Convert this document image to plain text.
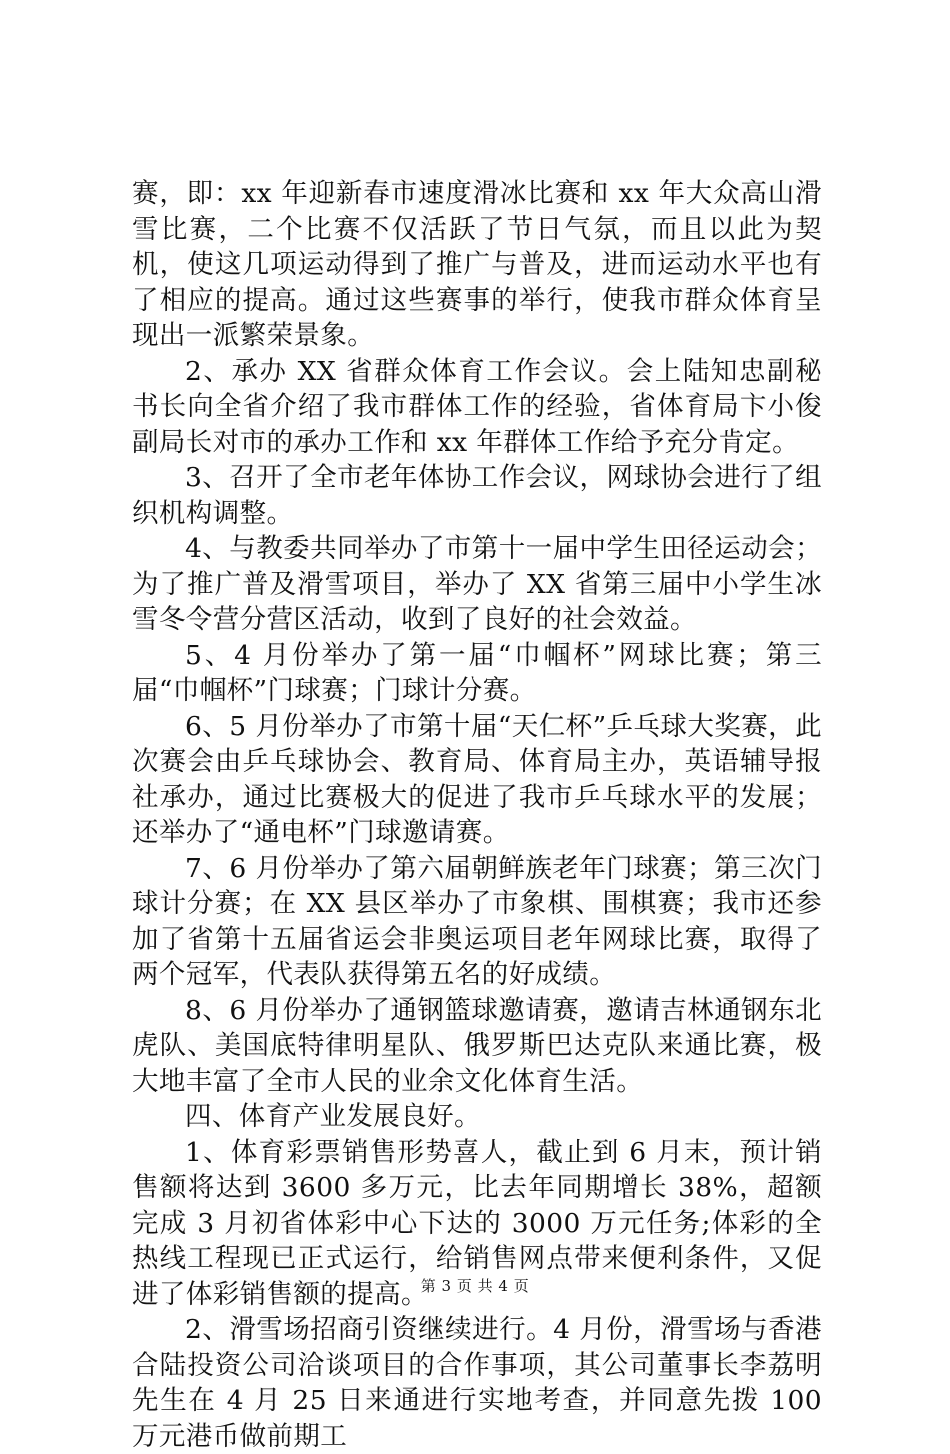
赛，即：xx 年迎新春市速度滑冰比赛和 xx 年大众高山滑雪比赛，二个比赛不仅活跃了节日气氛，而且以此为契机，使这几项运动得到了推广与普及，进而运动水平也有了相应的提高。通过这些赛事的举行，使我市群众体育呈现出一派繁荣景象。

2、承办 XX 省群众体育工作会议。会上陆知忠副秘书长向全省介绍了我市群体工作的经验，省体育局卞小俊副局长对市的承办工作和 xx 年群体工作给予充分肯定。

3、召开了全市老年体协工作会议，网球协会进行了组织机构调整。

4、与教委共同举办了市第十一届中学生田径运动会；为了推广普及滑雪项目，举办了 XX 省第三届中小学生冰雪冬令营分营区活动，收到了良好的社会效益。

5、4 月份举办了第一届“巾帼杯”网球比赛；第三届“巾帼杯”门球赛；门球计分赛。

6、5 月份举办了市第十届“天仁杯”乒乓球大奖赛，此次赛会由乒乓球协会、教育局、体育局主办，英语辅导报社承办，通过比赛极大的促进了我市乒乓球水平的发展；还举办了“通电杯”门球邀请赛。

7、6 月份举办了第六届朝鲜族老年门球赛；第三次门球计分赛；在 XX 县区举办了市象棋、围棋赛；我市还参加了省第十五届省运会非奥运项目老年网球比赛，取得了两个冠军，代表队获得第五名的好成绩。

8、6 月份举办了通钢篮球邀请赛，邀请吉林通钢东北虎队、美国底特律明星队、俄罗斯巴达克队来通比赛，极大地丰富了全市人民的业余文化体育生活。

四、体育产业发展良好。

1、体育彩票销售形势喜人，截止到 6 月末，预计销售额将达到 3600 多万元，比去年同期增长 38%，超额完成 3 月初省体彩中心下达的 3000 万元任务;体彩的全热线工程现已正式运行，给销售网点带来便利条件，又促进了体彩销售额的提高。

2、滑雪场招商引资继续进行。4 月份，滑雪场与香港合陆投资公司洽谈项目的合作事项，其公司董事长李荔明先生在 4 月 25 日来通进行实地考查，并同意先拨 100 万元港币做前期工

第 3 页 共 4 页
